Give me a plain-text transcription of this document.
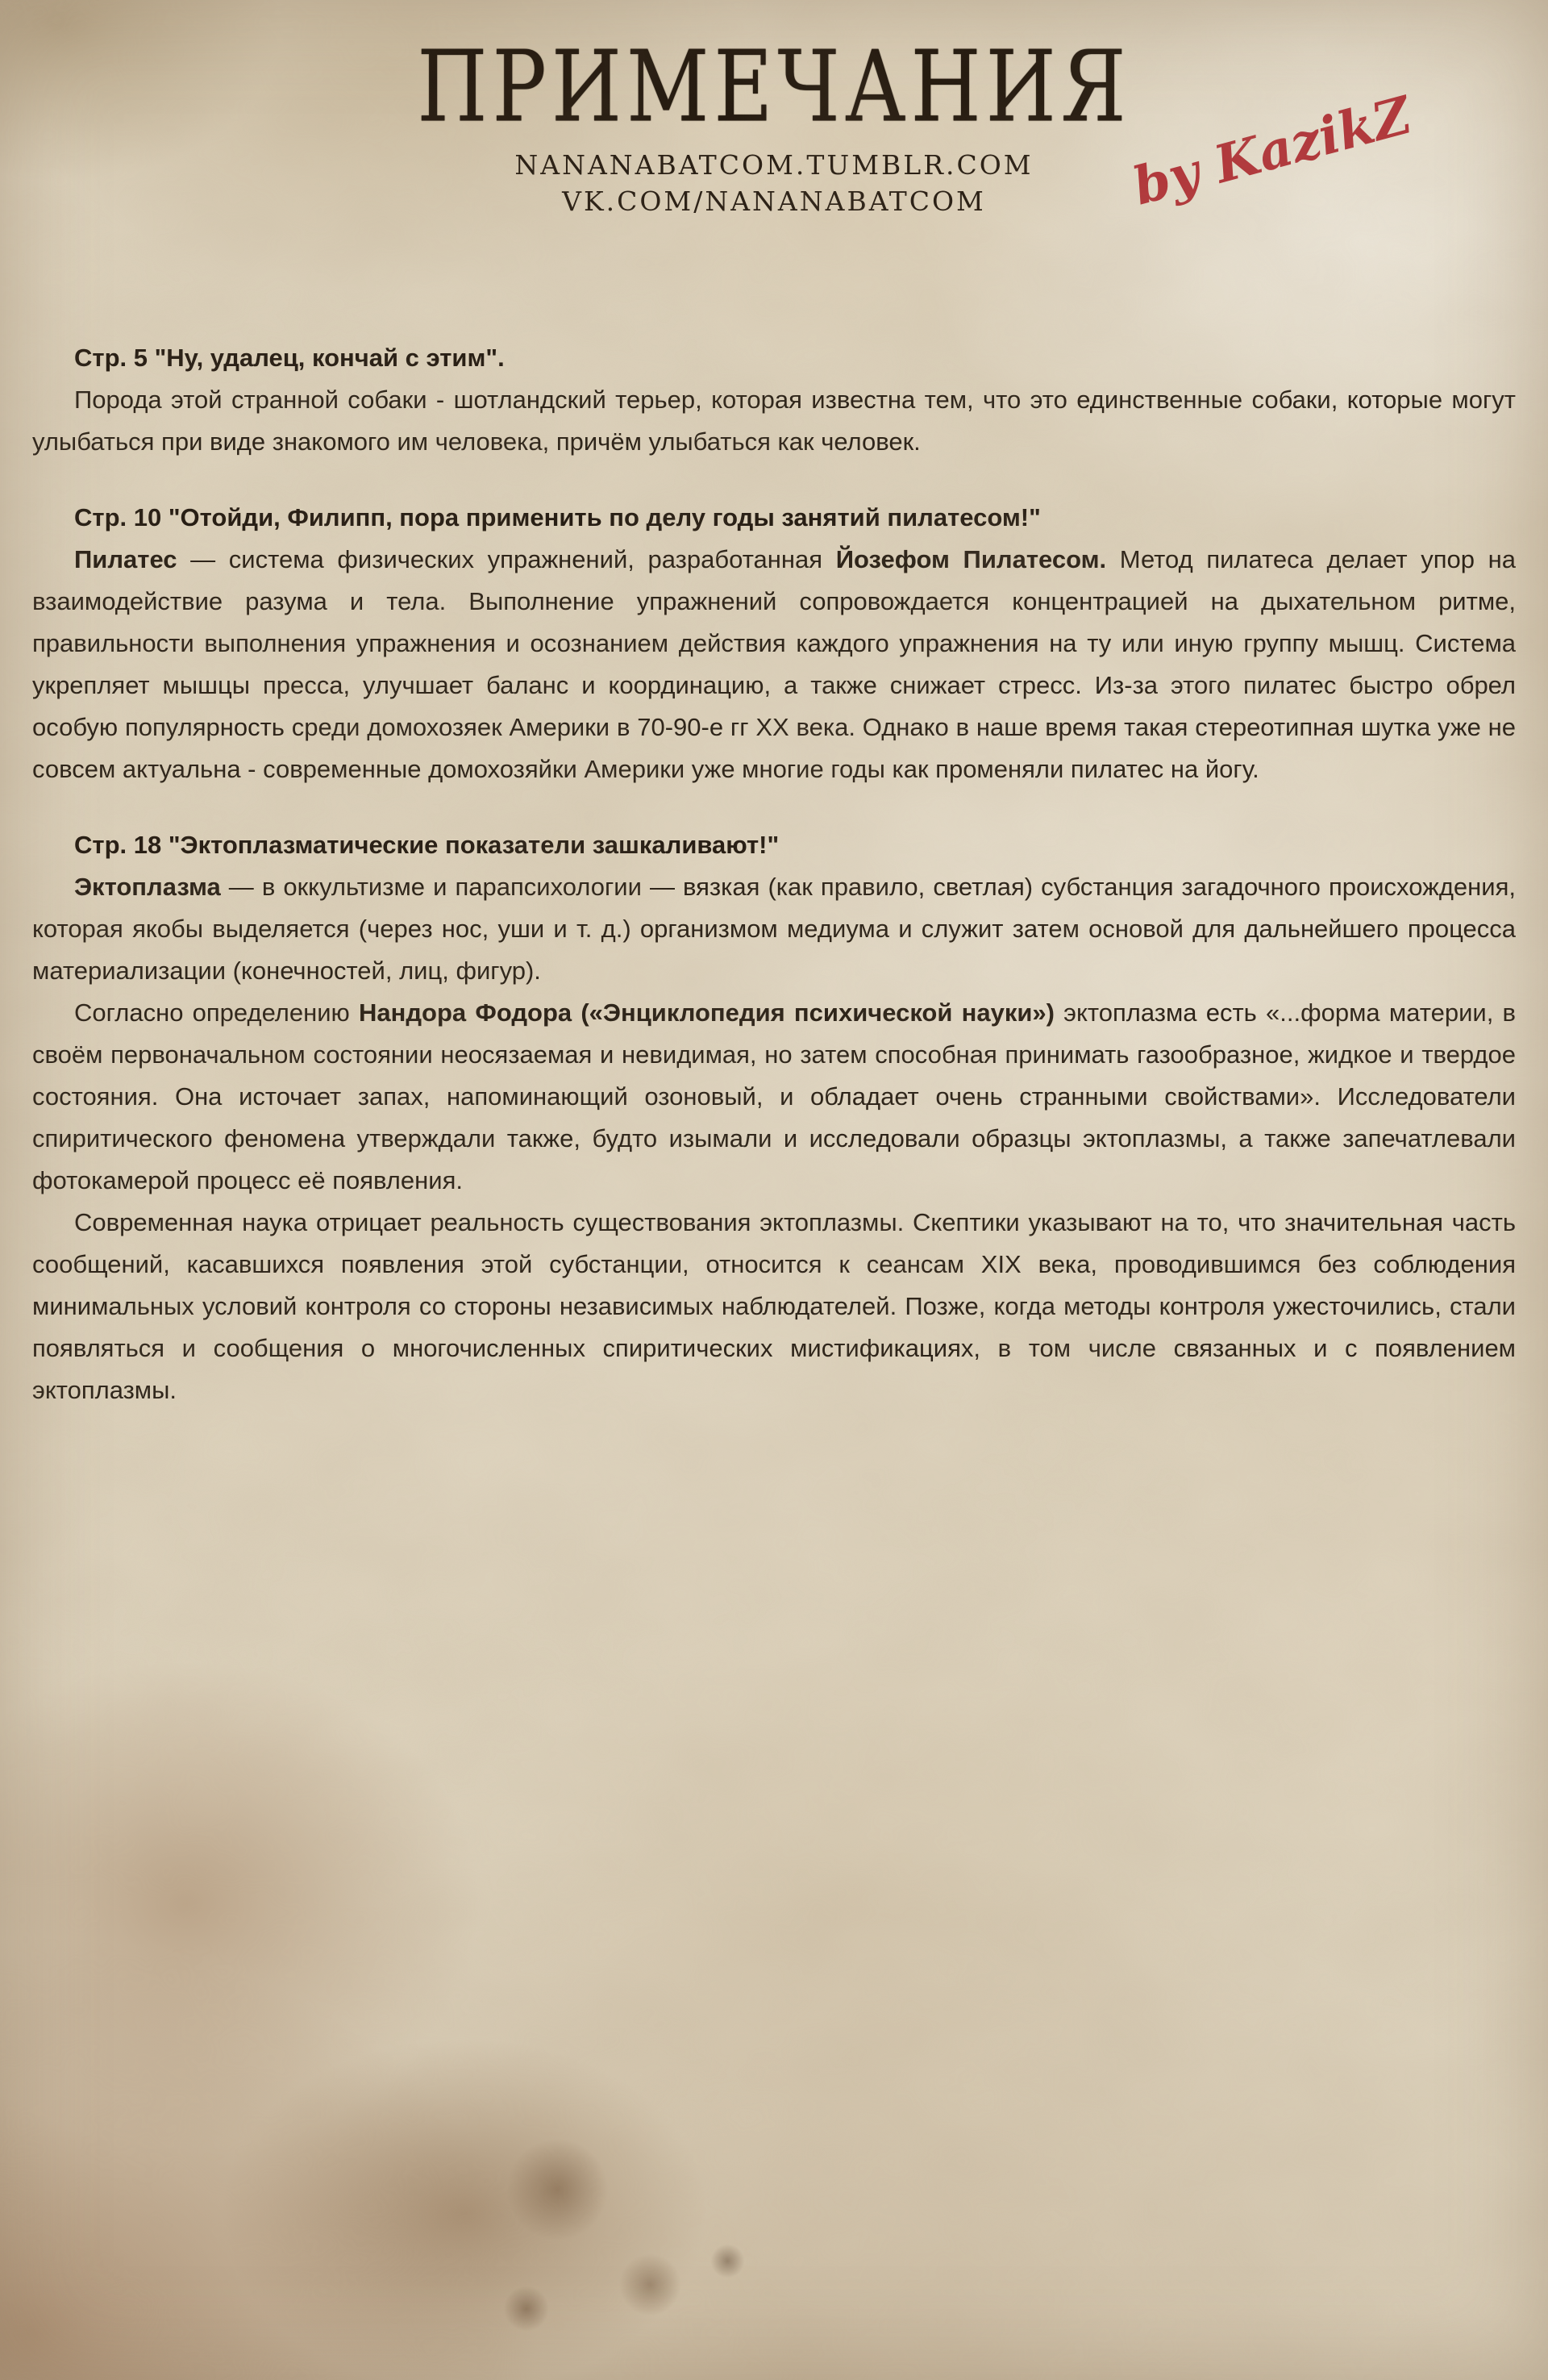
ПРИМЕЧАНИЯ
NANANABATCOM.TUMBLR.COM
VK.COM/NANANABATCOM	by KazikZ
Стр. 5 "Ну, удалец, кончай с этим".

Порода этой странной собаки - шотландский терьер, которая известна тем, что это единственные собаки, которые могут улыбаться при виде знакомого им человека, причём улыбаться как человек.

Стр. 10 "Отойди, Филипп, пора применить по делу годы занятий пилатесом!"

Пилатес — система физических упражнений, разработанная Йозефом Пилатесом. Метод пилатеса делает упор на взаимодействие разума и тела. Выполнение упражнений сопровождается концентрацией на дыхательном ритме, правильности выполнения упражнения и осознанием действия каждого упражнения на ту или иную группу мышц. Система укрепляет мышцы пресса, улучшает баланс и координацию, а также снижает стресс. Из-за этого пилатес быстро обрел особую популярность среди домохозяек Америки в 70-90-е гг ХХ века. Однако в наше время такая стереотипная шутка уже не совсем актуальна - современные домохозяйки Америки уже многие годы как променяли пилатес на йогу.

Стр. 18 "Эктоплазматические показатели зашкаливают!"

Эктоплазма — в оккультизме и парапсихологии — вязкая (как правило, светлая) субстанция загадочного происхождения, которая якобы выделяется (через нос, уши и т. д.) организмом медиума и служит затем основой для дальнейшего процесса материализации (конечностей, лиц, фигур).

Согласно определению Нандора Фодора («Энциклопедия психической науки») эктоплазма есть «...форма материи, в своём первоначальном состоянии неосязаемая и невидимая, но затем способная принимать газообразное, жидкое и твердое состояния. Она источает запах, напоминающий озоновый, и обладает очень странными свойствами». Исследователи спиритического феномена утверждали также, будто изымали и исследовали образцы эктоплазмы, а также запечатлевали фотокамерой процесс её появления.

Современная наука отрицает реальность существования эктоплазмы. Скептики указывают на то, что значительная часть сообщений, касавшихся появления этой субстанции, относится к сеансам XIX века, проводившимся без соблюдения минимальных условий контроля со стороны независимых наблюдателей. Позже, когда методы контроля ужесточились, стали появляться и сообщения о многочисленных спиритических мистификациях, в том числе связанных и с появлением эктоплазмы.
